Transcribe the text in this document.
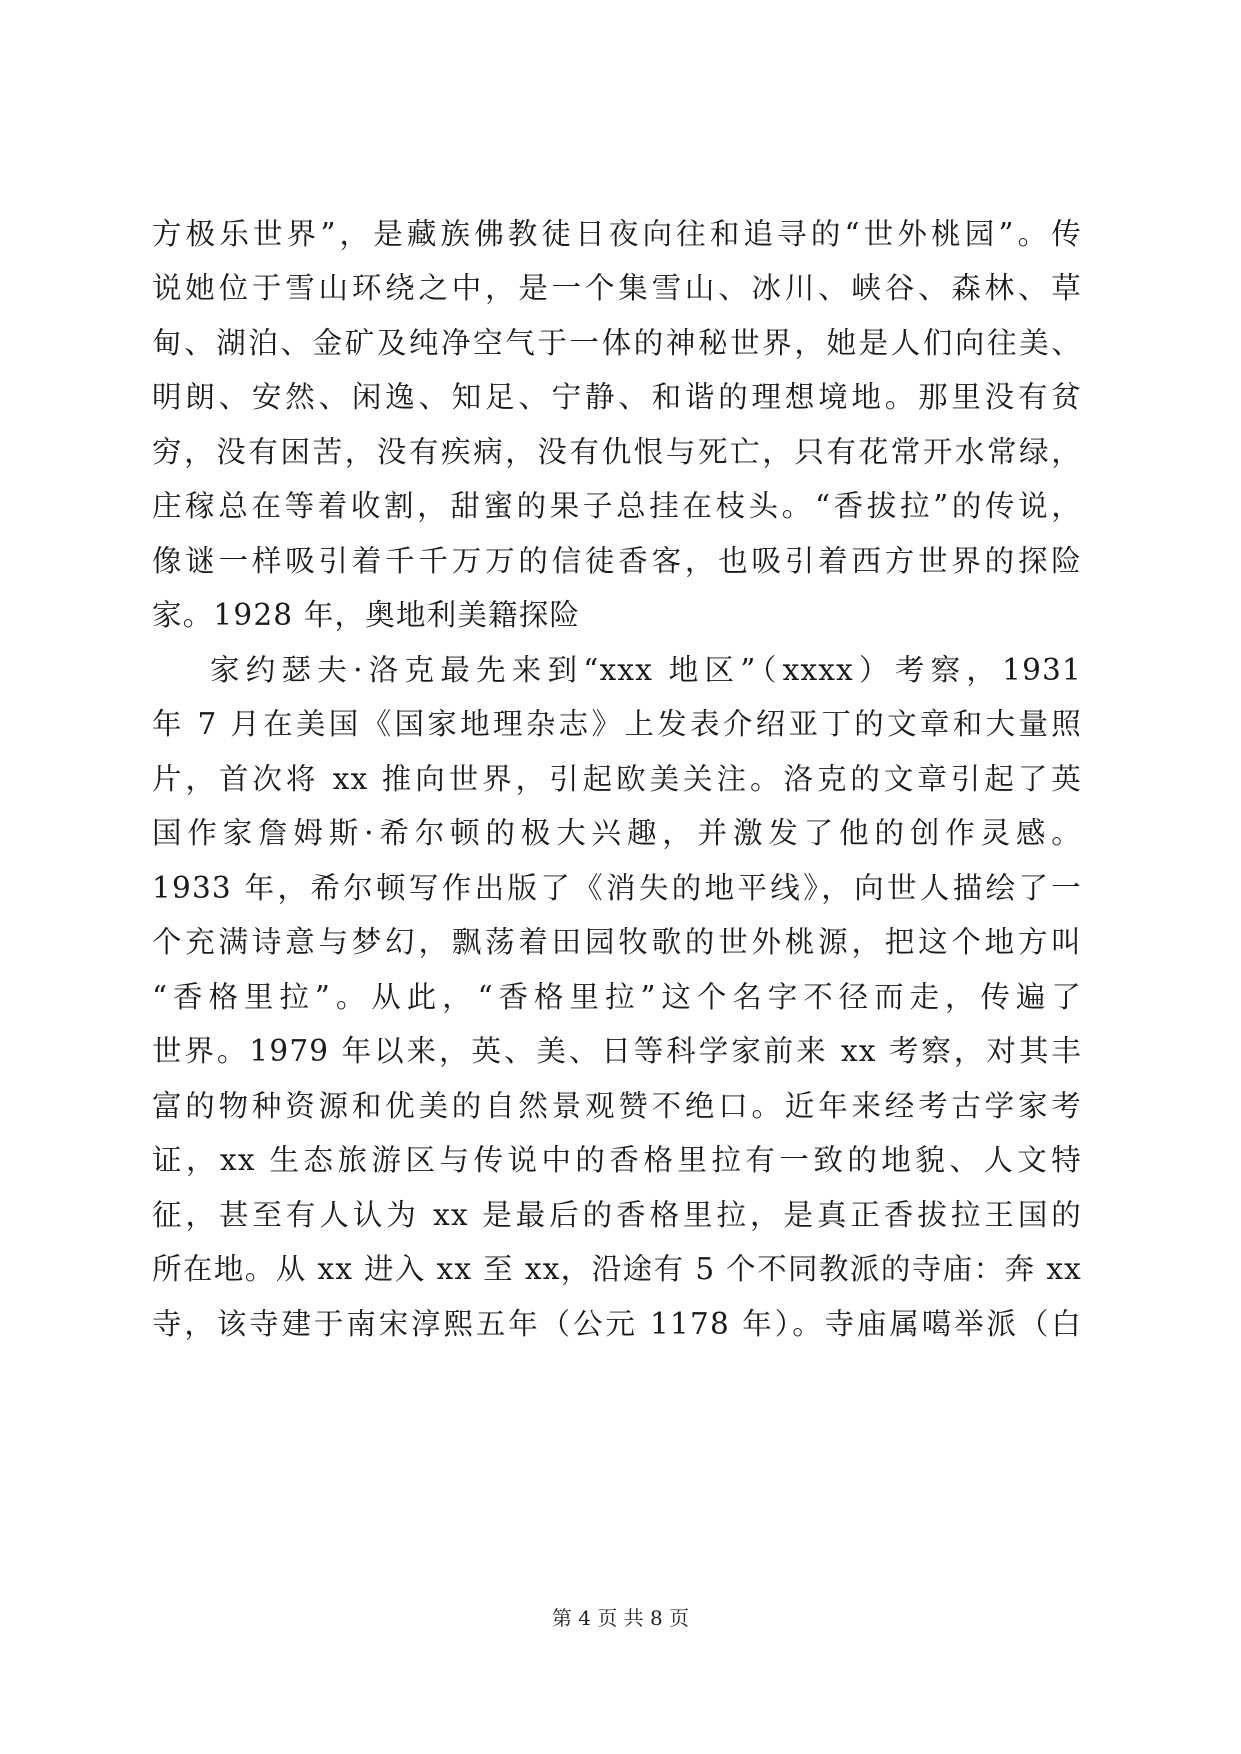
方极乐世界”，是藏族佛教徒日夜向往和追寻的“世外桃园”。传
说她位于雪山环绕之中，是一个集雪山、冰川、峡谷、森林、草
甸、湖泊、金矿及纯净空气于一体的神秘世界，她是人们向往美、
明朗、安然、闲逸、知足、宁静、和谐的理想境地。那里没有贫
穷，没有困苦，没有疾病，没有仇恨与死亡，只有花常开水常绿，
庄稼总在等着收割，甜蜜的果子总挂在枝头。“香拔拉”的传说，
像谜一样吸引着千千万万的信徒香客，也吸引着西方世界的探险
家。1928 年，奥地利美籍探险
家约瑟夫·洛克最先来到“xxx 地区”（xxxx）考察，1931
年 7 月在美国《国家地理杂志》上发表介绍亚丁的文章和大量照
片，首次将 xx 推向世界，引起欧美关注。洛克的文章引起了英
国作家詹姆斯·希尔顿的极大兴趣，并激发了他的创作灵感。
1933 年，希尔顿写作出版了《消失的地平线》，向世人描绘了一
个充满诗意与梦幻，飘荡着田园牧歌的世外桃源，把这个地方叫
“香格里拉”。从此，“香格里拉”这个名字不径而走，传遍了
世界。1979 年以来，英、美、日等科学家前来 xx 考察，对其丰
富的物种资源和优美的自然景观赞不绝口。近年来经考古学家考
证，xx 生态旅游区与传说中的香格里拉有一致的地貌、人文特
征，甚至有人认为 xx 是最后的香格里拉，是真正香拔拉王国的
所在地。从 xx 进入 xx 至 xx，沿途有 5 个不同教派的寺庙：奔 xx
寺，该寺建于南宋淳熙五年（公元 1178 年）。寺庙属噶举派（白
第 4 页 共 8 页
